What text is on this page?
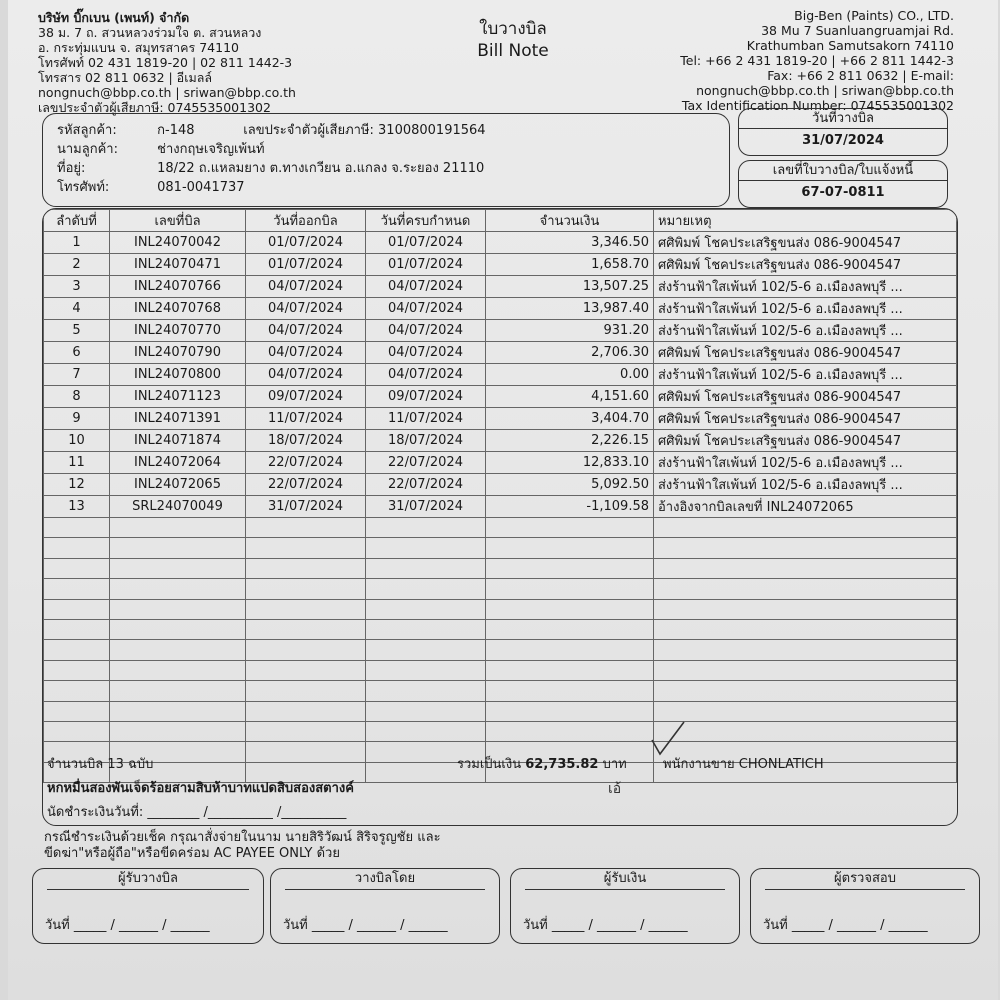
บริษัท บิ๊กเบน (เพนท์) จำกัด
38 ม. 7 ถ. สวนหลวงร่วมใจ ต. สวนหลวง
อ. กระทุ่มแบน จ. สมุทรสาคร 74110
โทรศัพท์ 02 431 1819-20 | 02 811 1442-3
โทรสาร 02 811 0632 | อีเมลล์
nongnuch@bbp.co.th | sriwan@bbp.co.th
เลขประจำตัวผู้เสียภาษี: 0745535001302
ใบวางบิล
Bill Note
Big-Ben (Paints) CO., LTD.
38 Mu 7 Suanluangruamjai Rd.
Krathumban Samutsakorn 74110
Tel: +66 2 431 1819-20 | +66 2 811 1442-3
Fax: +66 2 811 0632 | E-mail:
nongnuch@bbp.co.th | sriwan@bbp.co.th
Tax Identification Number: 0745535001302
รหัสลูกค้า:	ก-148	เลขประจำตัวผู้เสียภาษี: 3100800191564
นามลูกค้า:	ช่างกฤษเจริญเพ้นท์
ที่อยู่:	18/22 ถ.แหลมยาง ต.ทางเกวียน อ.แกลง จ.ระยอง 21110
โทรศัพท์:	081-0041737
วันที่วางบิล
31/07/2024
เลขที่ใบวางบิล/ใบแจ้งหนี้
67-07-0811
ลำดับที่	เลขที่บิล	วันที่ออกบิล	วันที่ครบกำหนด	จำนวนเงิน	หมายเหตุ
1	INL24070042	01/07/2024	01/07/2024	3,346.50	ศศิพิมพ์ โชคประเสริฐขนส่ง 086-9004547
2	INL24070471	01/07/2024	01/07/2024	1,658.70	ศศิพิมพ์ โชคประเสริฐขนส่ง 086-9004547
3	INL24070766	04/07/2024	04/07/2024	13,507.25	ส่งร้านฟ้าใสเพ้นท์ 102/5-6 อ.เมืองลพบุรี ...
4	INL24070768	04/07/2024	04/07/2024	13,987.40	ส่งร้านฟ้าใสเพ้นท์ 102/5-6 อ.เมืองลพบุรี ...
5	INL24070770	04/07/2024	04/07/2024	931.20	ส่งร้านฟ้าใสเพ้นท์ 102/5-6 อ.เมืองลพบุรี ...
6	INL24070790	04/07/2024	04/07/2024	2,706.30	ศศิพิมพ์ โชคประเสริฐขนส่ง 086-9004547
7	INL24070800	04/07/2024	04/07/2024	0.00	ส่งร้านฟ้าใสเพ้นท์ 102/5-6 อ.เมืองลพบุรี ...
8	INL24071123	09/07/2024	09/07/2024	4,151.60	ศศิพิมพ์ โชคประเสริฐขนส่ง 086-9004547
9	INL24071391	11/07/2024	11/07/2024	3,404.70	ศศิพิมพ์ โชคประเสริฐขนส่ง 086-9004547
10	INL24071874	18/07/2024	18/07/2024	2,226.15	ศศิพิมพ์ โชคประเสริฐขนส่ง 086-9004547
11	INL24072064	22/07/2024	22/07/2024	12,833.10	ส่งร้านฟ้าใสเพ้นท์ 102/5-6 อ.เมืองลพบุรี ...
12	INL24072065	22/07/2024	22/07/2024	5,092.50	ส่งร้านฟ้าใสเพ้นท์ 102/5-6 อ.เมืองลพบุรี ...
13	SRL24070049	31/07/2024	31/07/2024	-1,109.58	อ้างอิงจากบิลเลขที่ INL24072065

จำนวนบิล 13 ฉบับ	รวมเป็นเงิน 62,735.82 บาท	พนักงานขาย CHONLATICH
หกหมื่นสองพันเจ็ดร้อยสามสิบห้าบาทแปดสิบสองสตางค์
นัดชำระเงินวันที่: ________ /__________ /__________
เอ้
กรณีชำระเงินด้วยเช็ค กรุณาสั่งจ่ายในนาม นายสิริวัฒน์ สิริจรูญชัย และ
ขีดฆ่า"หรือผู้ถือ"หรือขีดคร่อม AC PAYEE ONLY ด้วย
ผู้รับวางบิล
วันที่ _____ / ______ / ______
วางบิลโดย
วันที่ _____ / ______ / ______
ผู้รับเงิน
วันที่ _____ / ______ / ______
ผู้ตรวจสอบ
วันที่ _____ / ______ / ______
